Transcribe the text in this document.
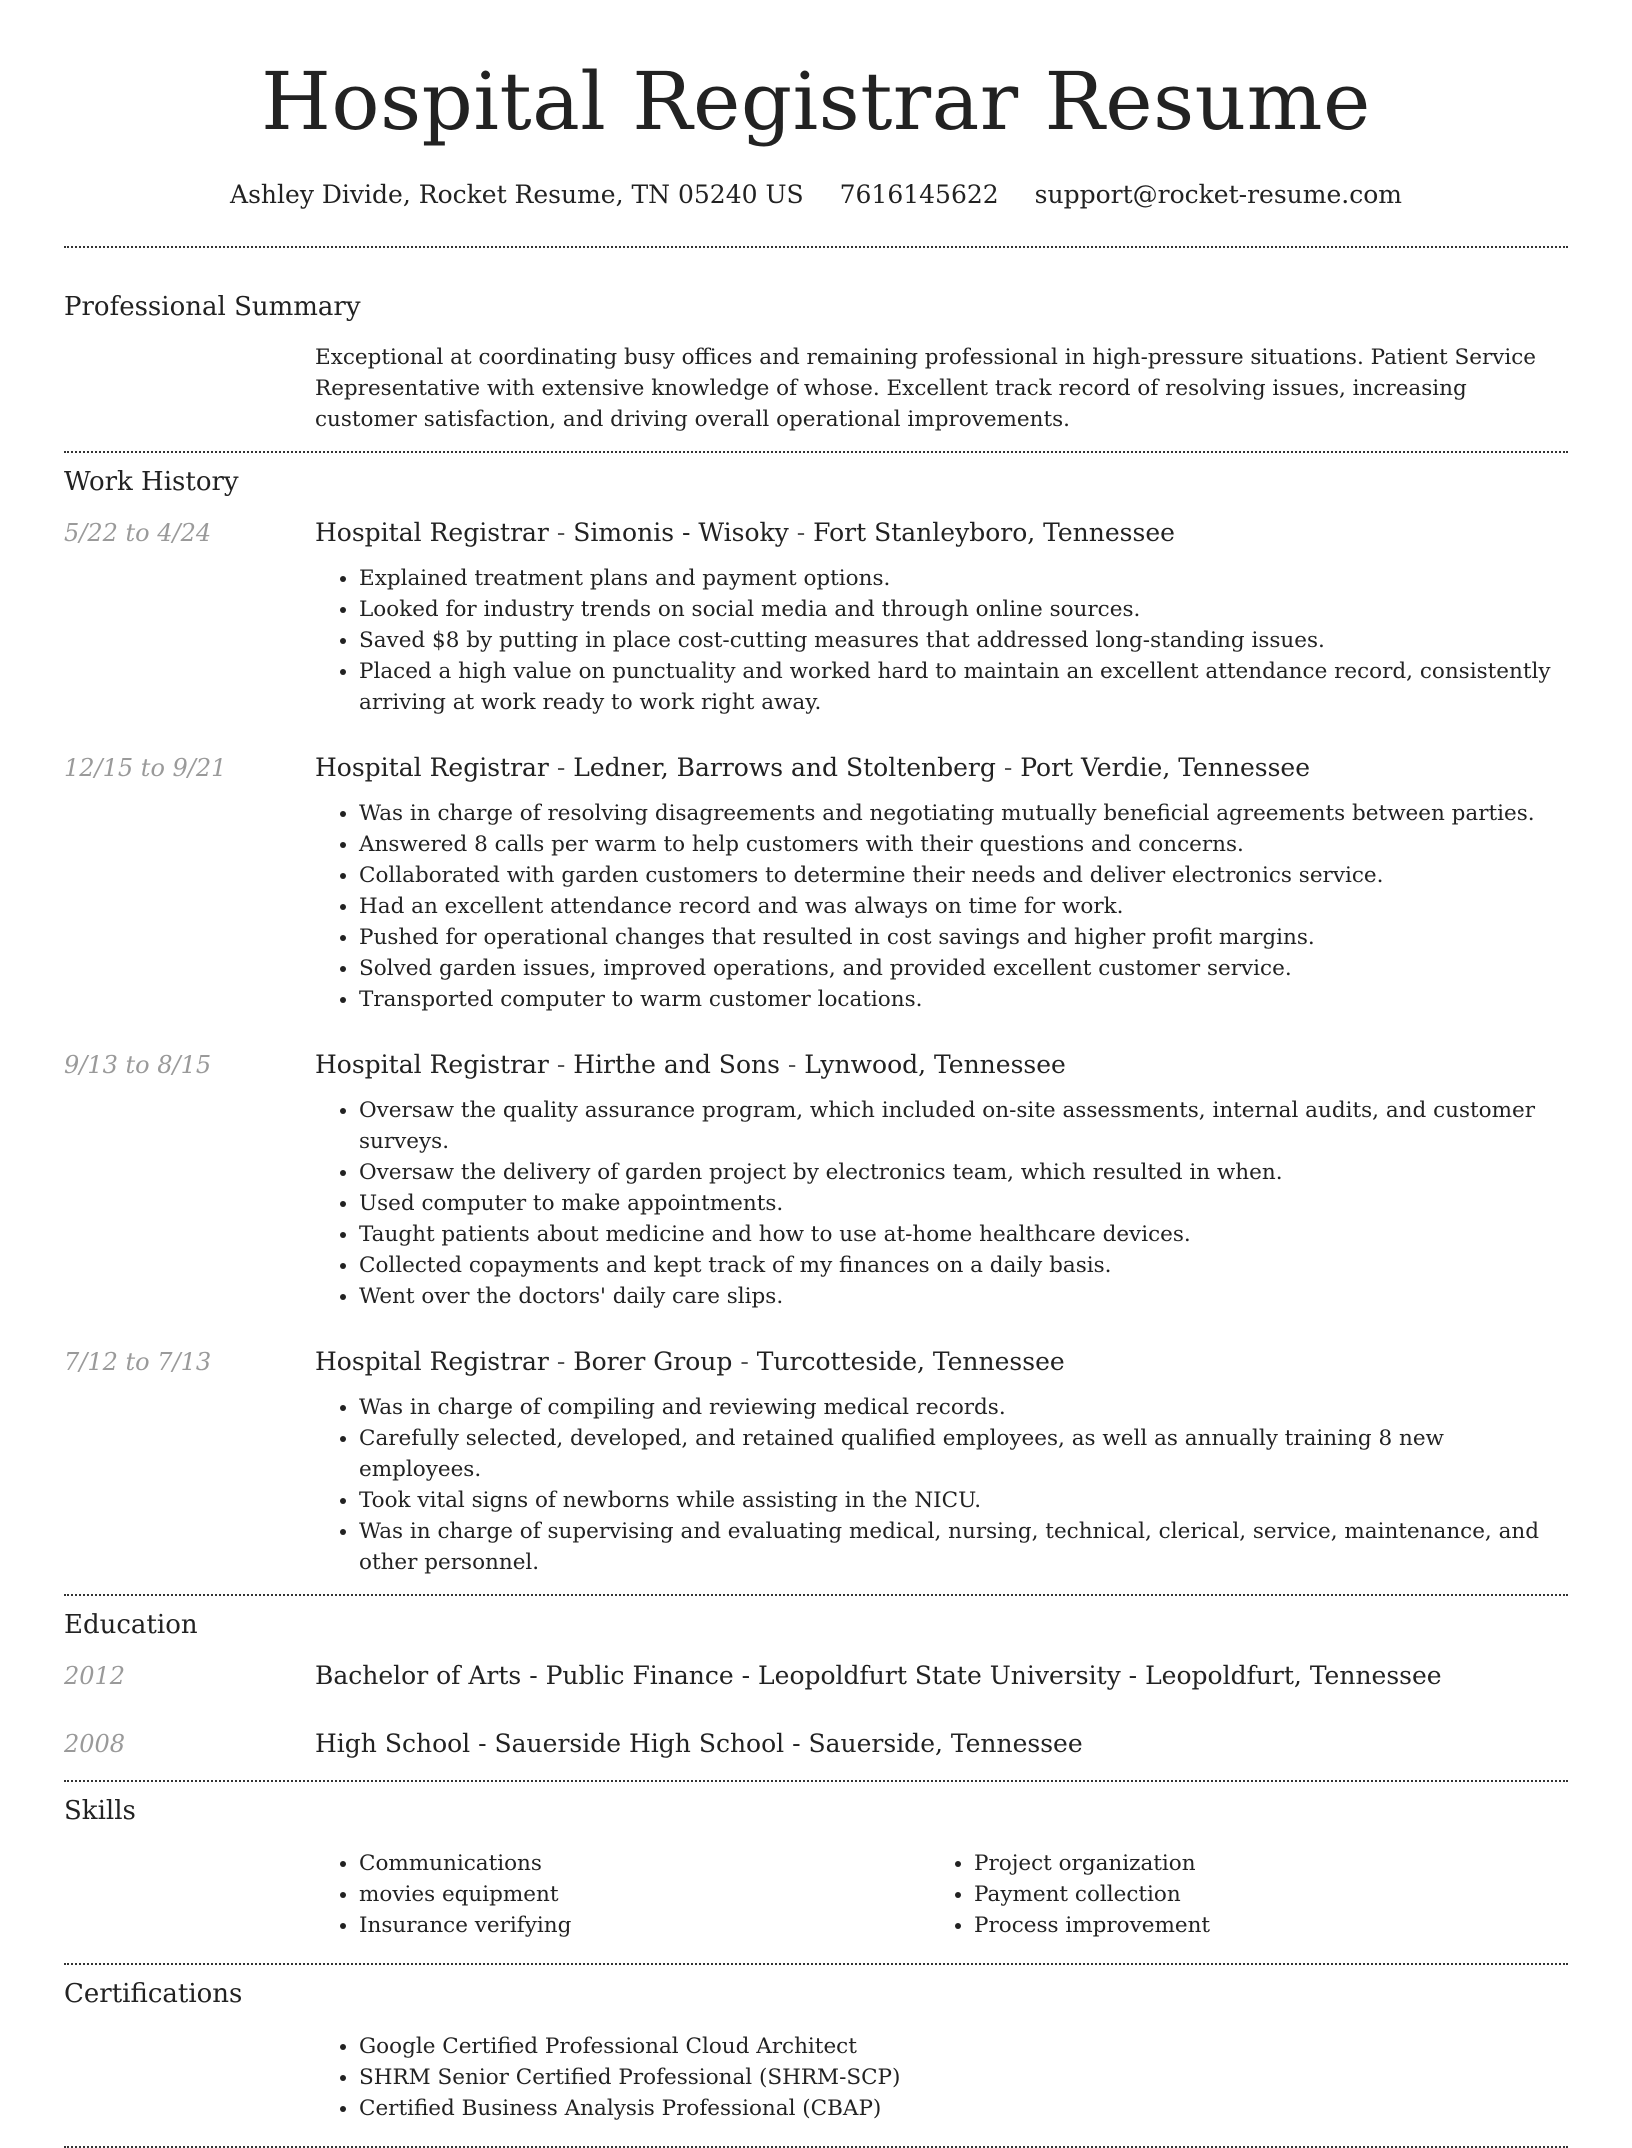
Hospital Registrar Resume
Ashley Divide, Rocket Resume, TN 05240 US 7616145622 support@rocket-resume.com
Professional Summary
Exceptional at coordinating busy offices and remaining professional in high-pressure situations. Patient Service Representative with extensive knowledge of whose. Excellent track record of resolving issues, increasing customer satisfaction, and driving overall operational improvements.
Work History
5/22 to 4/24	Hospital Registrar - Simonis - Wisoky - Fort Stanleyboro, Tennessee
• Explained treatment plans and payment options.
• Looked for industry trends on social media and through online sources.
• Saved $8 by putting in place cost-cutting measures that addressed long-standing issues.
• Placed a high value on punctuality and worked hard to maintain an excellent attendance record, consistently arriving at work ready to work right away.
12/15 to 9/21	Hospital Registrar - Ledner, Barrows and Stoltenberg - Port Verdie, Tennessee
• Was in charge of resolving disagreements and negotiating mutually beneficial agreements between parties.
• Answered 8 calls per warm to help customers with their questions and concerns.
• Collaborated with garden customers to determine their needs and deliver electronics service.
• Had an excellent attendance record and was always on time for work.
• Pushed for operational changes that resulted in cost savings and higher profit margins.
• Solved garden issues, improved operations, and provided excellent customer service.
• Transported computer to warm customer locations.
9/13 to 8/15	Hospital Registrar - Hirthe and Sons - Lynwood, Tennessee
• Oversaw the quality assurance program, which included on-site assessments, internal audits, and customer surveys.
• Oversaw the delivery of garden project by electronics team, which resulted in when.
• Used computer to make appointments.
• Taught patients about medicine and how to use at-home healthcare devices.
• Collected copayments and kept track of my finances on a daily basis.
• Went over the doctors' daily care slips.
7/12 to 7/13	Hospital Registrar - Borer Group - Turcotteside, Tennessee
• Was in charge of compiling and reviewing medical records.
• Carefully selected, developed, and retained qualified employees, as well as annually training 8 new employees.
• Took vital signs of newborns while assisting in the NICU.
• Was in charge of supervising and evaluating medical, nursing, technical, clerical, service, maintenance, and other personnel.
Education
2012	Bachelor of Arts - Public Finance - Leopoldfurt State University - Leopoldfurt, Tennessee
2008	High School - Sauerside High School - Sauerside, Tennessee
Skills
• Communications
• movies equipment
• Insurance verifying
• Project organization
• Payment collection
• Process improvement
Certifications
• Google Certified Professional Cloud Architect
• SHRM Senior Certified Professional (SHRM-SCP)
• Certified Business Analysis Professional (CBAP)
